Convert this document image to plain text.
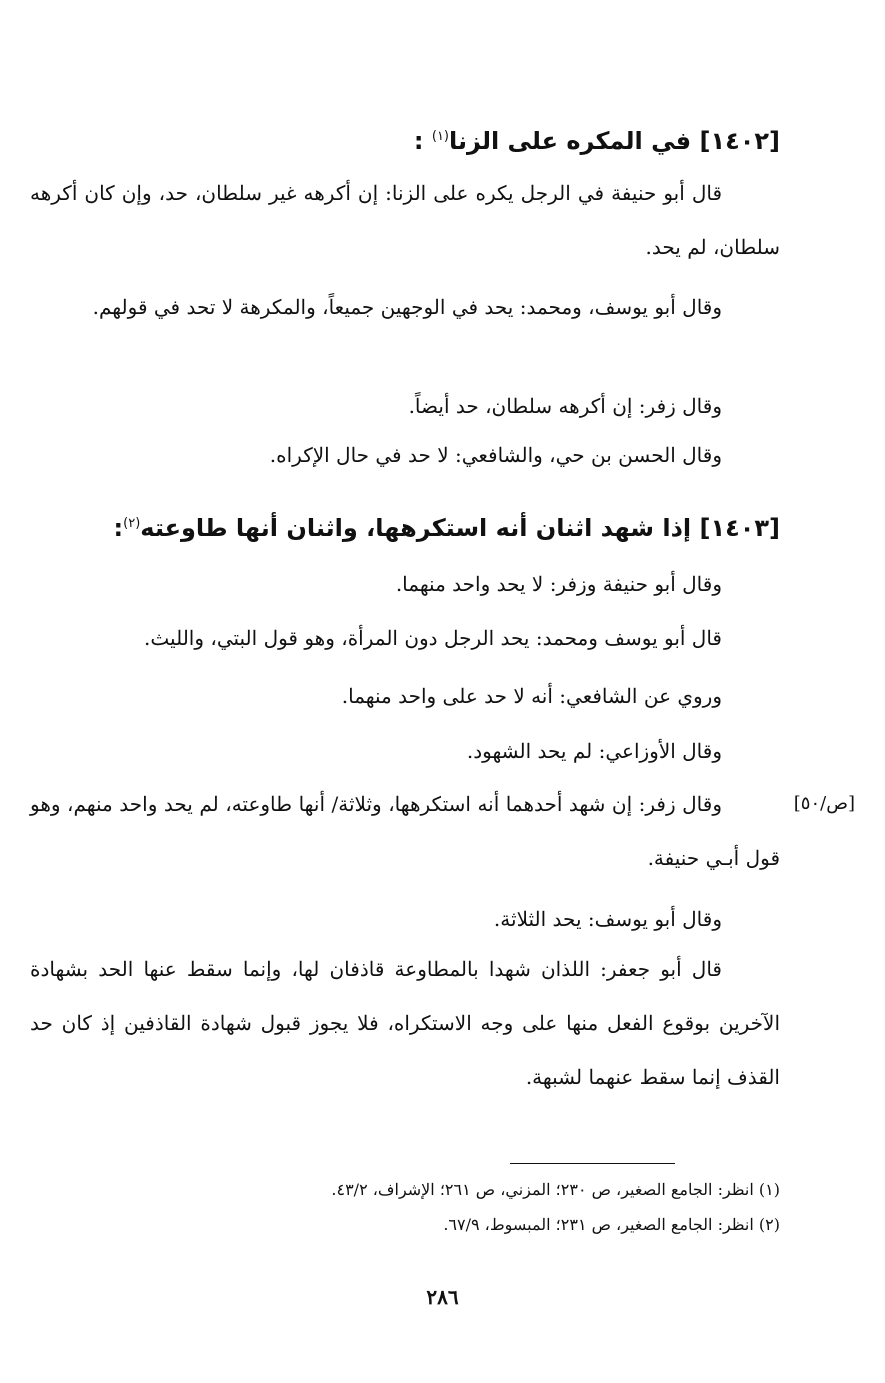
[١٤٠٢] في المكره على الزنا$^{(١)}$ :
قال أبو حنيفة في الرجل يكره على الزنا: إن أكرهه غير سلطان، حد، وإن كان أكرهه سلطان، لم يحد.
وقال أبو يوسف، ومحمد: يحد في الوجهين جميعاً، والمكرهة لا تحد في قولهم.
وقال زفر: إن أكرهه سلطان، حد أيضاً.
وقال الحسن بن حي، والشافعي: لا حد في حال الإكراه.
[١٤٠٣] إذا شهد اثنان أنه استكرهها، واثنان أنها طاوعته$^{(٢)}$:
وقال أبو حنيفة وزفر: لا يحد واحد منهما.
قال أبو يوسف ومحمد: يحد الرجل دون المرأة، وهو قول البتي، والليث.
وروي عن الشافعي: أنه لا حد على واحد منهما.
وقال الأوزاعي: لم يحد الشهود.
وقال زفر: إن شهد أحدهما أنه استكرهها، وثلاثة/ أنها طاوعته، لم يحد واحد منهم، وهو قول أبـي حنيفة.
وقال أبو يوسف: يحد الثلاثة.
قال أبو جعفر: اللذان شهدا بالمطاوعة قاذفان لها، وإنما سقط عنها الحد بشهادة الآخرين بوقوع الفعل منها على وجه الاستكراه، فلا يجوز قبول شهادة القاذفين إذ كان حد القذف إنما سقط عنهما لشبهة.
(١) انظر: الجامع الصغير، ص ٢٣٠؛ المزني، ص ٢٦١؛ الإشراف، ٤٣/٢.
(٢) انظر: الجامع الصغير، ص ٢٣١؛ المبسوط، ٦٧/٩.
[ص/٥٠]
٢٨٦
